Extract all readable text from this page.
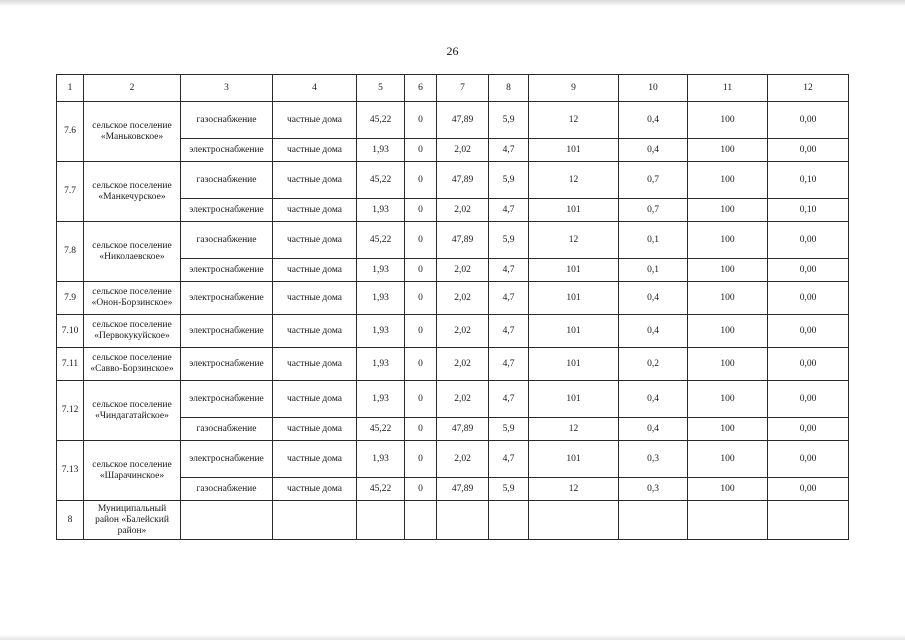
26
1	2	3	4	5	6	7	8	9	10	11	12
7.6	сельское поселение «Маньковское»	газоснабжение	частные дома	45,22	0	47,89	5,9	12	0,4	100	0,00
		электроснабжение	частные дома	1,93	0	2,02	4,7	101	0,4	100	0,00
7.7	сельское поселение «Манкечурское»	газоснабжение	частные дома	45,22	0	47,89	5,9	12	0,7	100	0,10
		электроснабжение	частные дома	1,93	0	2,02	4,7	101	0,7	100	0,10
7.8	сельское поселение «Николаевское»	газоснабжение	частные дома	45,22	0	47,89	5,9	12	0,1	100	0,00
		электроснабжение	частные дома	1,93	0	2,02	4,7	101	0,1	100	0,00
7.9	сельское поселение «Онон-Борзинское»	электроснабжение	частные дома	1,93	0	2,02	4,7	101	0,4	100	0,00
7.10	сельское поселение «Первокукуйское»	электроснабжение	частные дома	1,93	0	2,02	4,7	101	0,4	100	0,00
7.11	сельское поселение «Савво-Борзинское»	электроснабжение	частные дома	1,93	0	2,02	4,7	101	0,2	100	0,00
7.12	сельское поселение «Чиндагатайское»	электроснабжение	частные дома	1,93	0	2,02	4,7	101	0,4	100	0,00
		газоснабжение	частные дома	45,22	0	47,89	5,9	12	0,4	100	0,00
7.13	сельское поселение «Шарачинское»	электроснабжение	частные дома	1,93	0	2,02	4,7	101	0,3	100	0,00
		газоснабжение	частные дома	45,22	0	47,89	5,9	12	0,3	100	0,00
8	Муниципальный район «Балейский район»										
